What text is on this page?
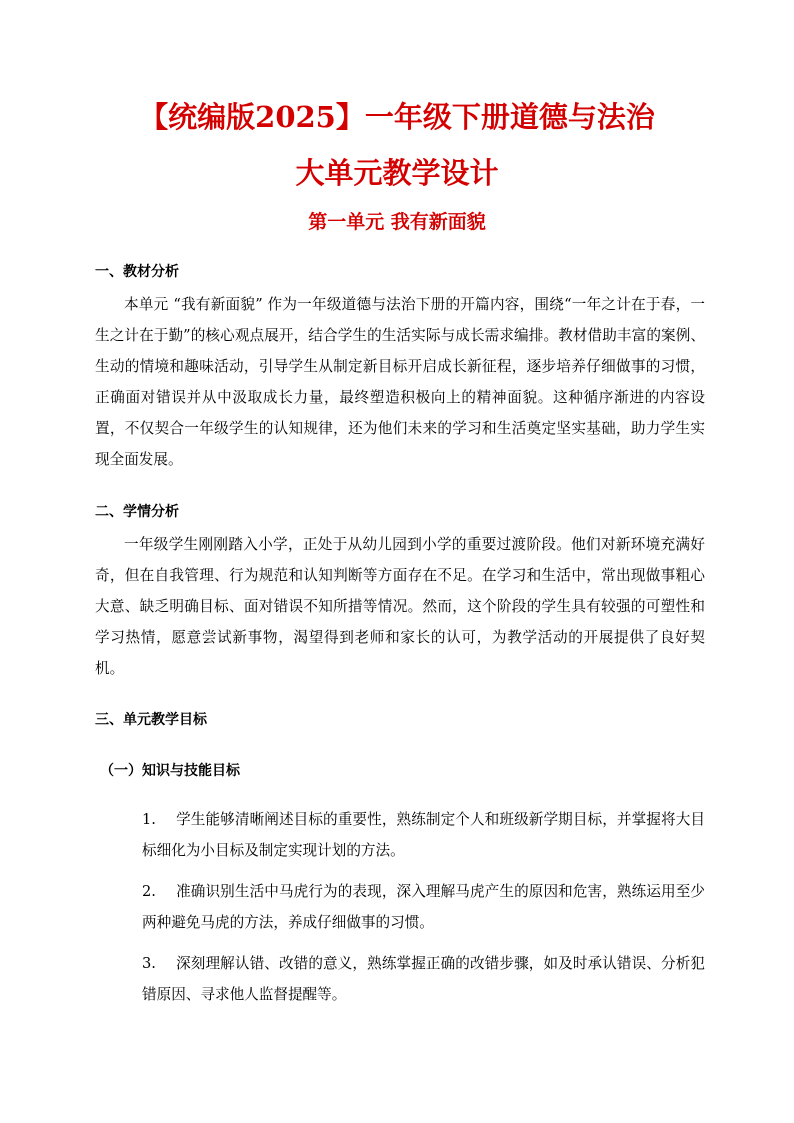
【统编版2025】一年级下册道德与法治
大单元教学设计
第一单元 我有新面貌
一、教材分析

本单元 “我有新面貌” 作为一年级道德与法治下册的开篇内容，围绕“一年之计在于春，一生之计在于勤”的核心观点展开，结合学生的生活实际与成长需求编排。教材借助丰富的案例、生动的情境和趣味活动，引导学生从制定新目标开启成长新征程，逐步培养仔细做事的习惯，正确面对错误并从中汲取成长力量，最终塑造积极向上的精神面貌。这种循序渐进的内容设置，不仅契合一年级学生的认知规律，还为他们未来的学习和生活奠定坚实基础，助力学生实现全面发展。

二、学情分析

一年级学生刚刚踏入小学，正处于从幼儿园到小学的重要过渡阶段。他们对新环境充满好奇，但在自我管理、行为规范和认知判断等方面存在不足。在学习和生活中，常出现做事粗心大意、缺乏明确目标、面对错误不知所措等情况。然而，这个阶段的学生具有较强的可塑性和学习热情，愿意尝试新事物，渴望得到老师和家长的认可，为教学活动的开展提供了良好契机。

三、单元教学目标
（一）知识与技能目标

1. 学生能够清晰阐述目标的重要性，熟练制定个人和班级新学期目标，并掌握将大目标细化为小目标及制定实现计划的方法。

2. 准确识别生活中马虎行为的表现，深入理解马虎产生的原因和危害，熟练运用至少两种避免马虎的方法，养成仔细做事的习惯。

3. 深刻理解认错、改错的意义，熟练掌握正确的改错步骤，如及时承认错误、分析犯错原因、寻求他人监督提醒等。
